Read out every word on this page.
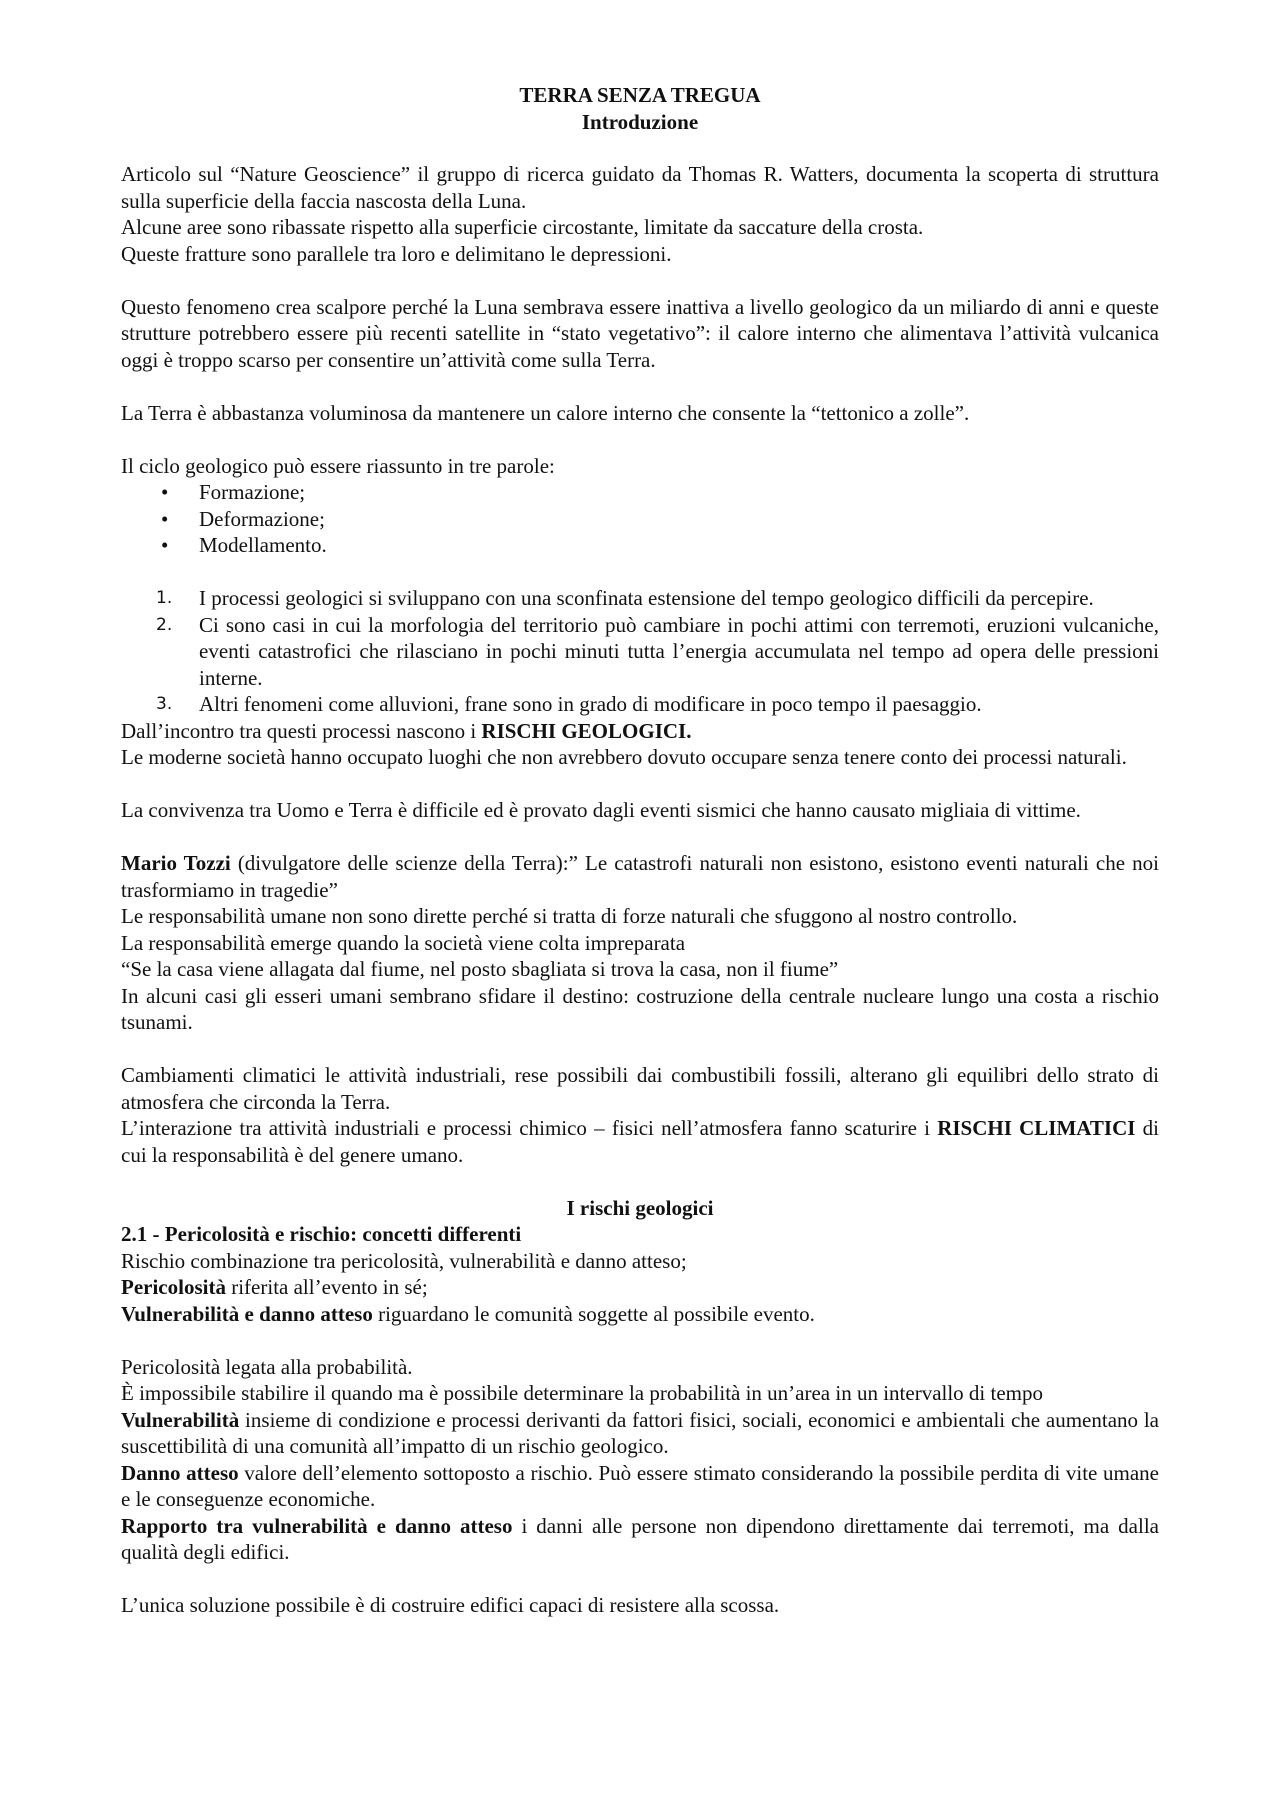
TERRA SENZA TREGUA

Introduzione

Articolo sul “Nature Geoscience” il gruppo di ricerca guidato da Thomas R. Watters, documenta la scoperta di struttura sulla superficie della faccia nascosta della Luna.

Alcune aree sono ribassate rispetto alla superficie circostante, limitate da saccature della crosta.

Queste fratture sono parallele tra loro e delimitano le depressioni.

Questo fenomeno crea scalpore perché la Luna sembrava essere inattiva a livello geologico da un miliardo di anni e queste strutture potrebbero essere più recenti satellite in “stato vegetativo”: il calore interno che alimentava l’attività vulcanica oggi è troppo scarso per consentire un’attività come sulla Terra.

La Terra è abbastanza voluminosa da mantenere un calore interno che consente la “tettonico a zolle”.

Il ciclo geologico può essere riassunto in tre parole:

• Formazione;
• Deformazione;
• Modellamento.
1. I processi geologici si sviluppano con una sconfinata estensione del tempo geologico difficili da percepire.
2. Ci sono casi in cui la morfologia del territorio può cambiare in pochi attimi con terremoti, eruzioni vulcaniche, eventi catastrofici che rilasciano in pochi minuti tutta l’energia accumulata nel tempo ad opera delle pressioni interne.
3. Altri fenomeni come alluvioni, frane sono in grado di modificare in poco tempo il paesaggio.

Dall’incontro tra questi processi nascono i RISCHI GEOLOGICI.

Le moderne società hanno occupato luoghi che non avrebbero dovuto occupare senza tenere conto dei processi naturali.

La convivenza tra Uomo e Terra è difficile ed è provato dagli eventi sismici che hanno causato migliaia di vittime.

Mario Tozzi (divulgatore delle scienze della Terra):” Le catastrofi naturali non esistono, esistono eventi naturali che noi trasformiamo in tragedie”

Le responsabilità umane non sono dirette perché si tratta di forze naturali che sfuggono al nostro controllo.

La responsabilità emerge quando la società viene colta impreparata

“Se la casa viene allagata dal fiume, nel posto sbagliata si trova la casa, non il fiume”

In alcuni casi gli esseri umani sembrano sfidare il destino: costruzione della centrale nucleare lungo una costa a rischio tsunami.

Cambiamenti climatici le attività industriali, rese possibili dai combustibili fossili, alterano gli equilibri dello strato di atmosfera che circonda la Terra.

L’interazione tra attività industriali e processi chimico – fisici nell’atmosfera fanno scaturire i RISCHI CLIMATICI di cui la responsabilità è del genere umano.

I rischi geologici

2.1 - Pericolosità e rischio: concetti differenti

Rischio combinazione tra pericolosità, vulnerabilità e danno atteso;

Pericolosità riferita all’evento in sé;

Vulnerabilità e danno atteso riguardano le comunità soggette al possibile evento.

Pericolosità legata alla probabilità.

È impossibile stabilire il quando ma è possibile determinare la probabilità in un’area in un intervallo di tempo

Vulnerabilità insieme di condizione e processi derivanti da fattori fisici, sociali, economici e ambientali che aumentano la suscettibilità di una comunità all’impatto di un rischio geologico.

Danno atteso valore dell’elemento sottoposto a rischio. Può essere stimato considerando la possibile perdita di vite umane e le conseguenze economiche.

Rapporto tra vulnerabilità e danno atteso i danni alle persone non dipendono direttamente dai terremoti, ma dalla qualità degli edifici.

L’unica soluzione possibile è di costruire edifici capaci di resistere alla scossa.
